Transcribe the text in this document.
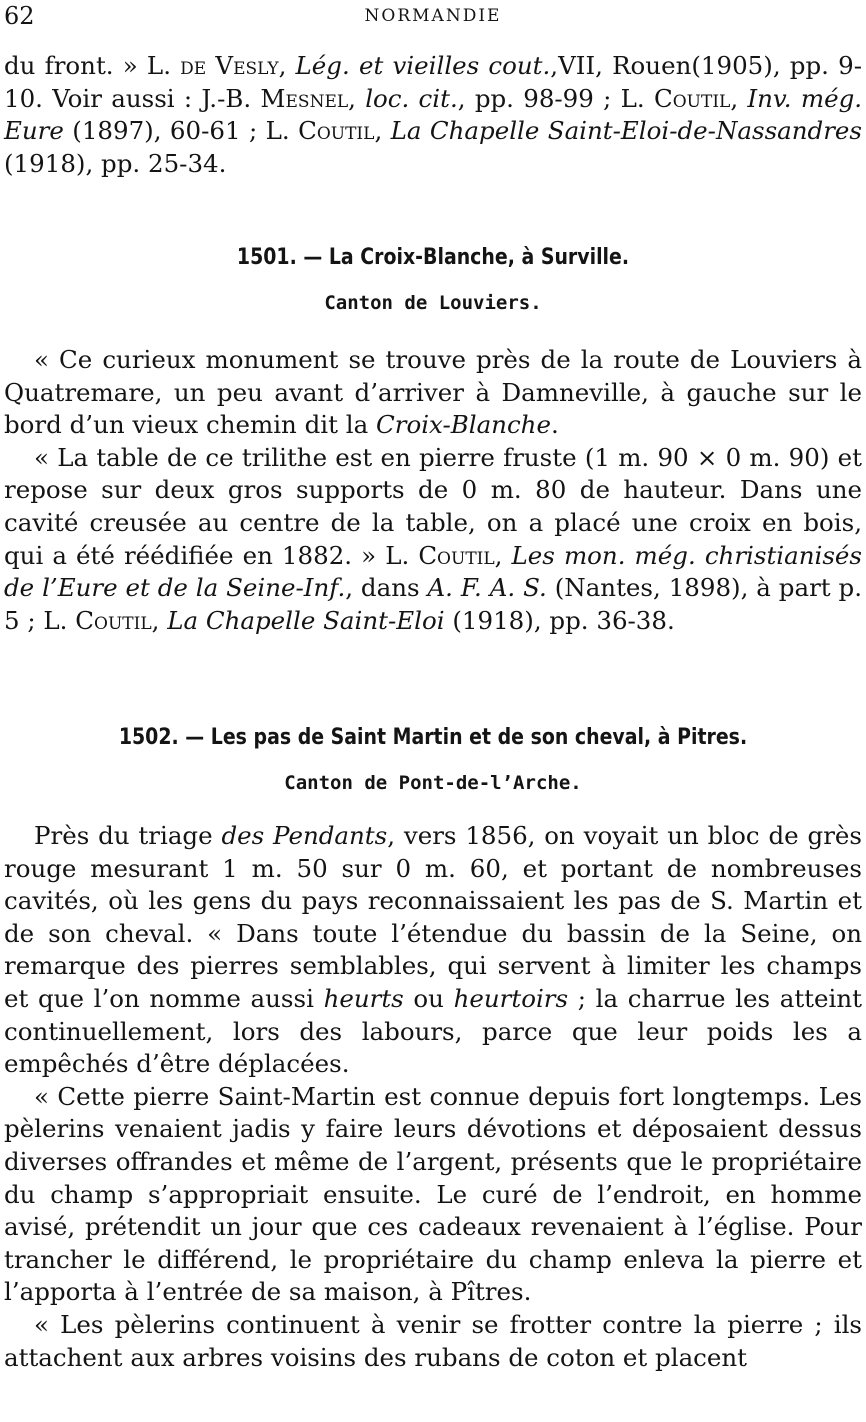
62	NORMANDIE

du front. » L. de Vesly, Lég. et vieilles cout.,VII, Rouen(1905), pp. 9-10. Voir aussi : J.-B. Mesnel, loc. cit., pp. 98-99 ; L. Coutil, Inv. még. Eure (1897), 60-61 ; L. Coutil, La Chapelle Saint-Eloi-de-Nassandres (1918), pp. 25-34.

1501. — La Croix-Blanche, à Surville.
Canton de Louviers.

« Ce curieux monument se trouve près de la route de Louviers à Quatremare, un peu avant d’arriver à Damneville, à gauche sur le bord d’un vieux chemin dit la Croix-Blanche.

« La table de ce trilithe est en pierre fruste (1 m. 90 × 0 m. 90) et repose sur deux gros supports de 0 m. 80 de hauteur. Dans une cavité creusée au centre de la table, on a placé une croix en bois, qui a été réédifiée en 1882. » L. Coutil, Les mon. még. christianisés de l’Eure et de la Seine-Inf., dans A. F. A. S. (Nantes, 1898), à part p. 5 ; L. Coutil, La Chapelle Saint-Eloi (1918), pp. 36-38.

1502. — Les pas de Saint Martin et de son cheval, à Pitres.
Canton de Pont-de-l’Arche.

Près du triage des Pendants, vers 1856, on voyait un bloc de grès rouge mesurant 1 m. 50 sur 0 m. 60, et portant de nombreuses cavités, où les gens du pays reconnaissaient les pas de S. Martin et de son cheval. « Dans toute l’étendue du bassin de la Seine, on remarque des pierres semblables, qui servent à limiter les champs et que l’on nomme aussi heurts ou heurtoirs ; la charrue les atteint continuellement, lors des labours, parce que leur poids les a empêchés d’être déplacées.

« Cette pierre Saint-Martin est connue depuis fort longtemps. Les pèlerins venaient jadis y faire leurs dévotions et déposaient dessus diverses offrandes et même de l’argent, présents que le propriétaire du champ s’appropriait ensuite. Le curé de l’endroit, en homme avisé, prétendit un jour que ces cadeaux revenaient à l’église. Pour trancher le différend, le propriétaire du champ enleva la pierre et l’apporta à l’entrée de sa maison, à Pîtres.

« Les pèlerins continuent à venir se frotter contre la pierre ; ils attachent aux arbres voisins des rubans de coton et placent
